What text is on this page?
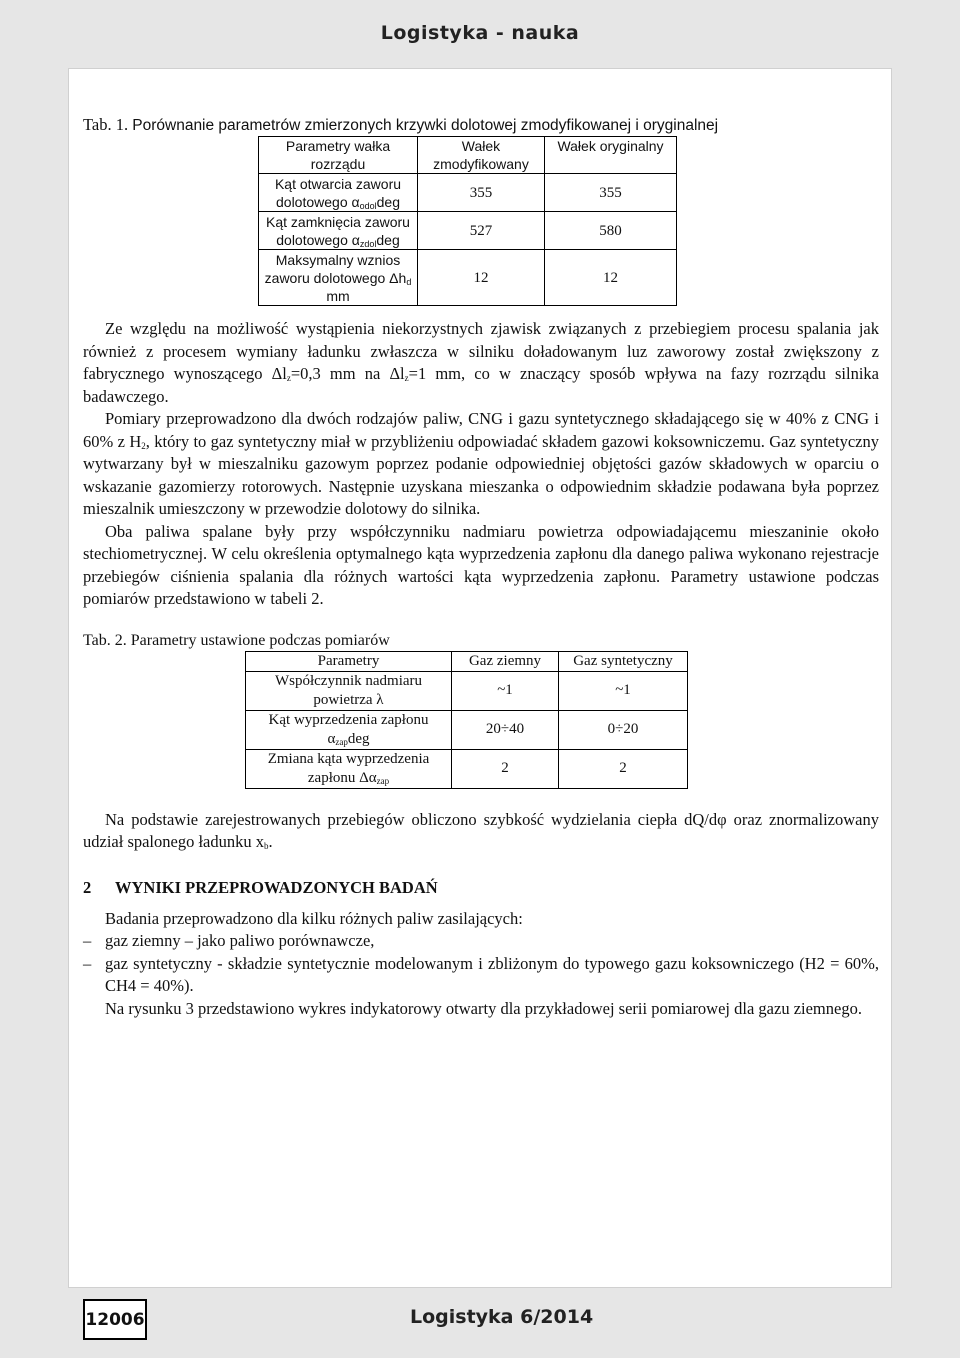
Logistyka - nauka

Tab. 1. Porównanie parametrów zmierzonych krzywki dolotowej zmodyfikowanej i oryginalnej

Parametry wałka rozrządu	Wałek zmodyfikowany	Wałek oryginalny
Kąt otwarcia zaworu dolotowego $\alpha_{odol}deg$	355	355
Kąt zamknięcia zaworu dolotowego $\alpha_{zdol}deg$	527	580
Maksymalny wznios zaworu dolotowego $\Delta h_d$ mm	12	12

Ze względu na możliwość wystąpienia niekorzystnych zjawisk związanych z przebiegiem procesu spalania jak również z procesem wymiany ładunku zwłaszcza w silniku doładowanym luz zaworowy został zwiększony z fabrycznego wynoszącego $\Delta l_z=0,3$ mm na $\Delta l_z=1$ mm, co w znaczący sposób wpływa na fazy rozrządu silnika badawczego.

Pomiary przeprowadzono dla dwóch rodzajów paliw, CNG i gazu syntetycznego składającego się w 40% z CNG i 60% z $H_2$, który to gaz syntetyczny miał w przybliżeniu odpowiadać składem gazowi koksowniczemu. Gaz syntetyczny wytwarzany był w mieszalniku gazowym poprzez podanie odpowiedniej objętości gazów składowych w oparciu o wskazanie gazomierzy rotorowych. Następnie uzyskana mieszanka o odpowiednim składzie podawana była poprzez mieszalnik umieszczony w przewodzie dolotowy do silnika.

Oba paliwa spalane były przy współczynniku nadmiaru powietrza odpowiadającemu mieszaninie około stechiometrycznej. W celu określenia optymalnego kąta wyprzedzenia zapłonu dla danego paliwa wykonano rejestracje przebiegów ciśnienia spalania dla różnych wartości kąta wyprzedzenia zapłonu. Parametry ustawione podczas pomiarów przedstawiono w tabeli 2.

Tab. 2. Parametry ustawione podczas pomiarów

Parametry	Gaz ziemny	Gaz syntetyczny
Współczynnik nadmiaru
powietrza λ	~1	~1
Kąt wyprzedzenia zapłonu
$\alpha_{zap}deg$	20÷40	0÷20
Zmiana kąta wyprzedzenia
zapłonu $\Delta\alpha_{zap}$	2	2

Na podstawie zarejestrowanych przebiegów obliczono szybkość wydzielania ciepła dQ/dφ oraz znormalizowany udział spalonego ładunku $x_b$.

2 WYNIKI PRZEPROWADZONYCH BADAŃ

Badania przeprowadzono dla kilku różnych paliw zasilających:

– gaz ziemny – jako paliwo porównawcze,

– gaz syntetyczny - składzie syntetycznie modelowanym i zbliżonym do typowego gazu koksowniczego (H2 = 60%, CH4 = 40%).

Na rysunku 3 przedstawiono wykres indykatorowy otwarty dla przykładowej serii pomiarowej dla gazu ziemnego.

12006	Logistyka 6/2014
